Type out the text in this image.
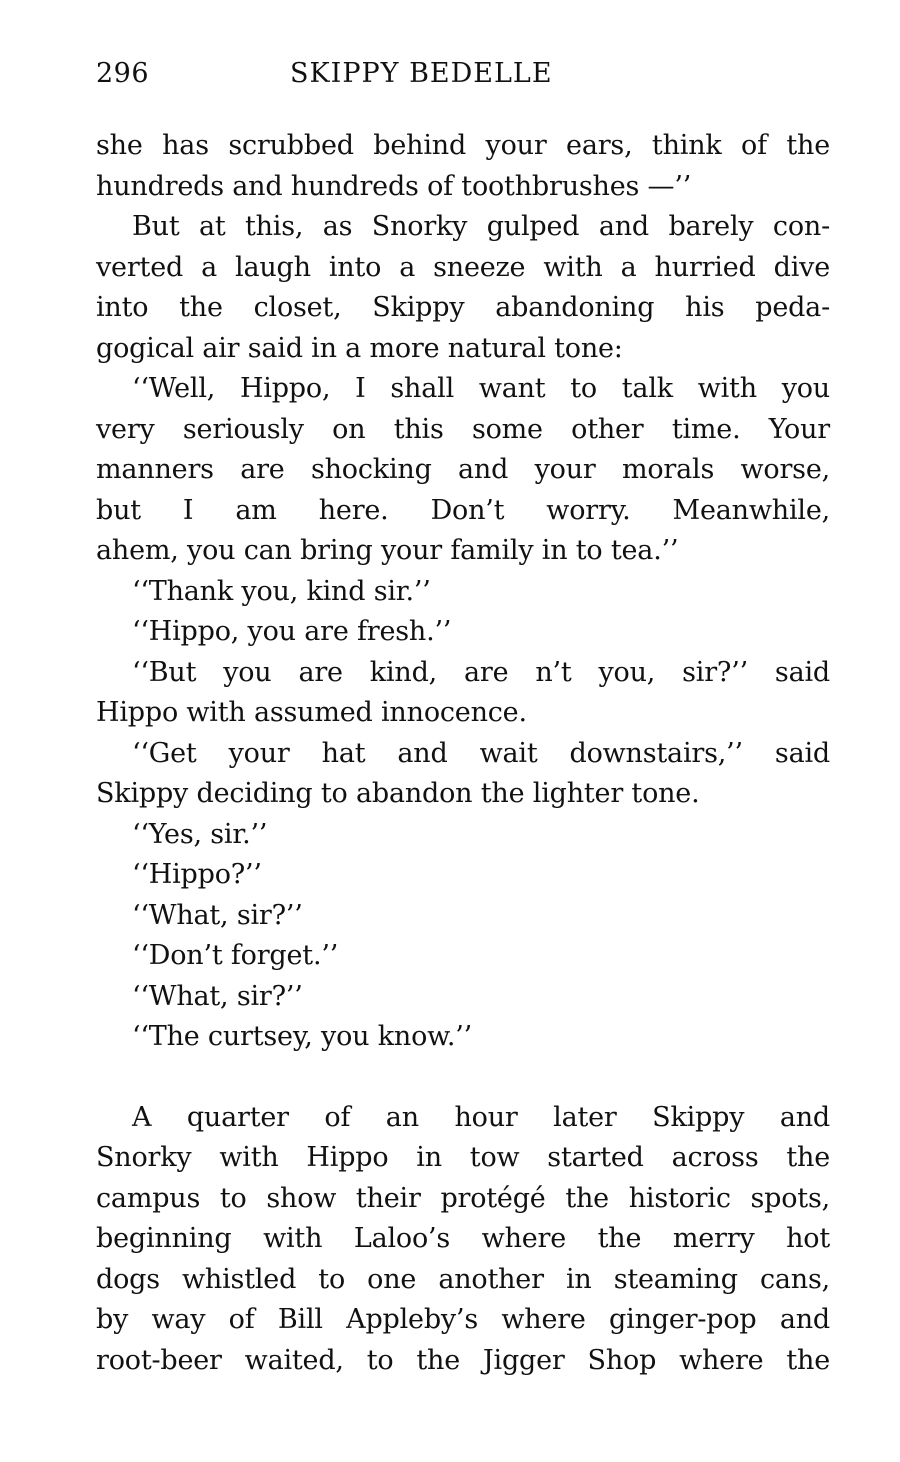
296	SKIPPY BEDELLE
she has scrubbed behind your ears, think of the
hundreds and hundreds of toothbrushes —’’
But at this, as Snorky gulped and barely con-
verted a laugh into a sneeze with a hurried dive
into the closet, Skippy abandoning his peda-
gogical air said in a more natural tone:
‘‘Well, Hippo, I shall want to talk with you
very seriously on this some other time. Your
manners are shocking and your morals worse,
but I am here. Don’t worry. Meanwhile,
ahem, you can bring your family in to tea.’’
‘‘Thank you, kind sir.’’
‘‘Hippo, you are fresh.’’
‘‘But you are kind, are n’t you, sir?’’ said
Hippo with assumed innocence.
‘‘Get your hat and wait downstairs,’’ said
Skippy deciding to abandon the lighter tone.
‘‘Yes, sir.’’
‘‘Hippo?’’
‘‘What, sir?’’
‘‘Don’t forget.’’
‘‘What, sir?’’
‘‘The curtsey, you know.’’
A quarter of an hour later Skippy and
Snorky with Hippo in tow started across the
campus to show their protégé the historic spots,
beginning with Laloo’s where the merry hot
dogs whistled to one another in steaming cans,
by way of Bill Appleby’s where ginger-pop and
root-beer waited, to the Jigger Shop where the
